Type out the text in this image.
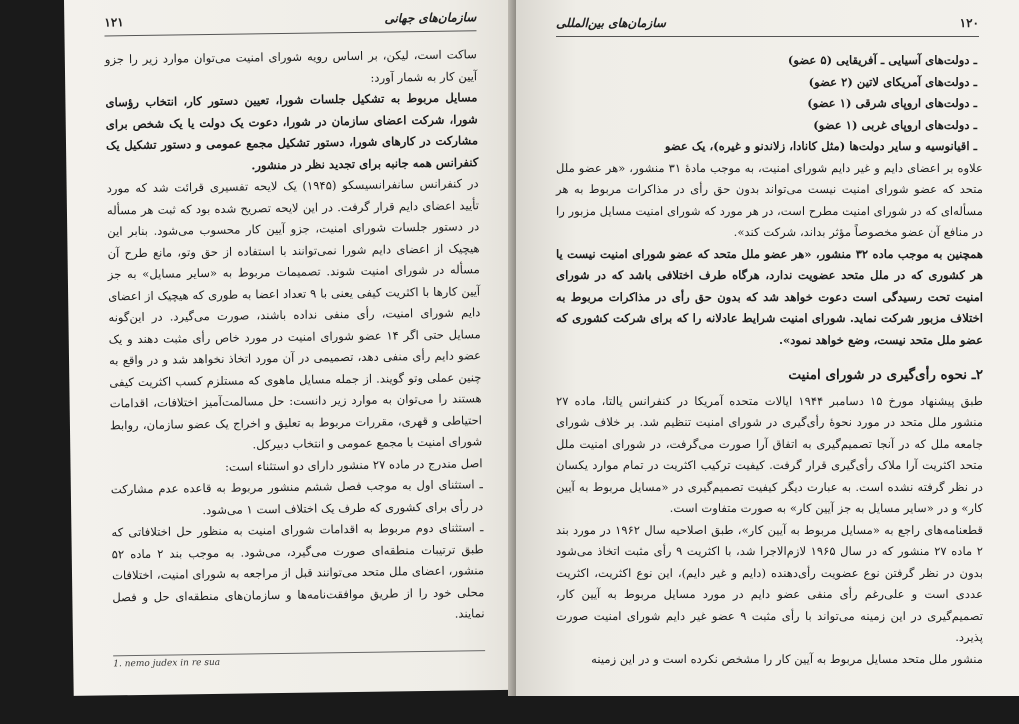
سازمان‌های جهانی
۱۲۱

ساکت است، لیکن، بر اساس رویه شورای امنیت می‌توان موارد زیر را جزو آیین کار به شمار آورد:

مسایل مربوط به تشکیل جلسات شورا، تعیین دستور کار، انتخاب رؤسای شورا، شرکت اعضای سازمان در شورا، دعوت یک دولت یا یک شخص برای مشارکت در کارهای شورا، دستور تشکیل مجمع عمومی و دستور تشکیل یک کنفرانس همه جانبه برای تجدید نظر در منشور.

در کنفرانس سانفرانسیسکو (۱۹۴۵) یک لایحه تفسیری قرائت شد که مورد تأیید اعضای دایم قرار گرفت. در این لایحه تصریح شده بود که ثبت هر مسأله در دستور جلسات شورای امنیت، جزو آیین کار محسوب می‌شود. بنابر این هیچیک از اعضای دایم شورا نمی‌توانند با استفاده از حق وتو، مانع طرح آن مسأله در شورای امنیت شوند. تصمیمات مربوط به «سایر مسایل» به جز آیین کارها با اکثریت کیفی یعنی با ۹ تعداد اعضا به طوری که هیچیک از اعضای دایم شورای امنیت، رأی منفی نداده باشند، صورت می‌گیرد. در این‌گونه مسایل حتی اگر ۱۴ عضو شورای امنیت در مورد خاص رأی مثبت دهند و یک عضو دایم رأی منفی دهد، تصمیمی در آن مورد اتخاذ نخواهد شد و در واقع به چنین عملی وتو گویند. از جمله مسایل ماهوی که مستلزم کسب اکثریت کیفی هستند را می‌توان به موارد زیر دانست: حل مسالمت‌آمیز اختلافات، اقدامات احتیاطی و قهری، مقررات مربوط به تعلیق و اخراج یک عضو سازمان، روابط شورای امنیت با مجمع عمومی و انتخاب دبیرکل.

اصل مندرج در ماده ۲۷ منشور دارای دو استثناء است:

ـ استثنای اول به موجب فصل ششم منشور مربوط به قاعده عدم مشارکت در رأی برای کشوری که طرف یک اختلاف است ۱ می‌شود.

ـ استثنای دوم مربوط به اقدامات شورای امنیت به منظور حل اختلافاتی که طبق ترتیبات منطقه‌ای صورت می‌گیرد، می‌شود. به موجب بند ۲ ماده ۵۲ منشور، اعضای ملل متحد می‌توانند قبل از مراجعه به شورای امنیت، اختلافات محلی خود را از طریق موافقت‌نامه‌ها و سازمان‌های منطقه‌ای حل و فصل نمایند.

1. nemo judex in re sua
۱۲۰
سازمان‌های بین‌المللی
ـ دولت‌های آسیایی ـ آفریقایی (۵ عضو)
ـ دولت‌های آمریکای لاتین (۲ عضو)
ـ دولت‌های اروپای شرقی (۱ عضو)
ـ دولت‌های اروپای غربی (۱ عضو)
ـ اقیانوسیه و سایر دولت‌ها (مثل کانادا، زلاندنو و غیره)، یک عضو

علاوه بر اعضای دایم و غیر دایم شورای امنیت، به موجب مادهٔ ۳۱ منشور، «هر عضو ملل متحد که عضو شورای امنیت نیست می‌تواند بدون حق رأی در مذاکرات مربوط به هر مسأله‌ای که در شورای امنیت مطرح است، در هر مورد که شورای امنیت مسایل مزبور را در منافع آن عضو مخصوصاً مؤثر بداند، شرکت کند».

همچنین به موجب ماده ۳۲ منشور، «هر عضو ملل متحد که عضو شورای امنیت نیست یا هر کشوری که در ملل متحد عضویت ندارد، هرگاه طرف اختلافی باشد که در شورای امنیت تحت رسیدگی است دعوت خواهد شد که بدون حق رأی در مذاکرات مربوط به اختلاف مزبور شرکت نماید. شورای امنیت شرایط عادلانه را که برای شرکت کشوری که عضو ملل متحد نیست، وضع خواهد نمود».

۲ـ نحوه رأی‌گیری در شورای امنیت

طبق پیشنهاد مورخ ۱۵ دسامبر ۱۹۴۴ ایالات متحده آمریکا در کنفرانس یالتا، ماده ۲۷ منشور ملل متحد در مورد نحوهٔ رأی‌گیری در شورای امنیت تنظیم شد. بر خلاف شورای جامعه ملل که در آنجا تصمیم‌گیری به اتفاق آرا صورت می‌گرفت، در شورای امنیت ملل متحد اکثریت آرا ملاک رأی‌گیری قرار گرفت. کیفیت ترکیب اکثریت در تمام موارد یکسان در نظر گرفته نشده است. به عبارت دیگر کیفیت تصمیم‌گیری در «مسایل مربوط به آیین کار» و در «سایر مسایل به جز آیین کار» به صورت متفاوت است.

قطعنامه‌های راجع به «مسایل مربوط به آیین کار»، طبق اصلاحیه سال ۱۹۶۲ در مورد بند ۲ ماده ۲۷ منشور که در سال ۱۹۶۵ لازم‌الاجرا شد، با اکثریت ۹ رأی مثبت اتخاذ می‌شود بدون در نظر گرفتن نوع عضویت رأی‌دهنده (دایم و غیر دایم)، این نوع اکثریت، اکثریت عددی است و علی‌رغم رأی منفی عضو دایم در مورد مسایل مربوط به آیین کار، تصمیم‌گیری در این زمینه می‌تواند با رأی مثبت ۹ عضو غیر دایم شورای امنیت صورت پذیرد.

منشور ملل متحد مسایل مربوط به آیین کار را مشخص نکرده است و در این زمینه
